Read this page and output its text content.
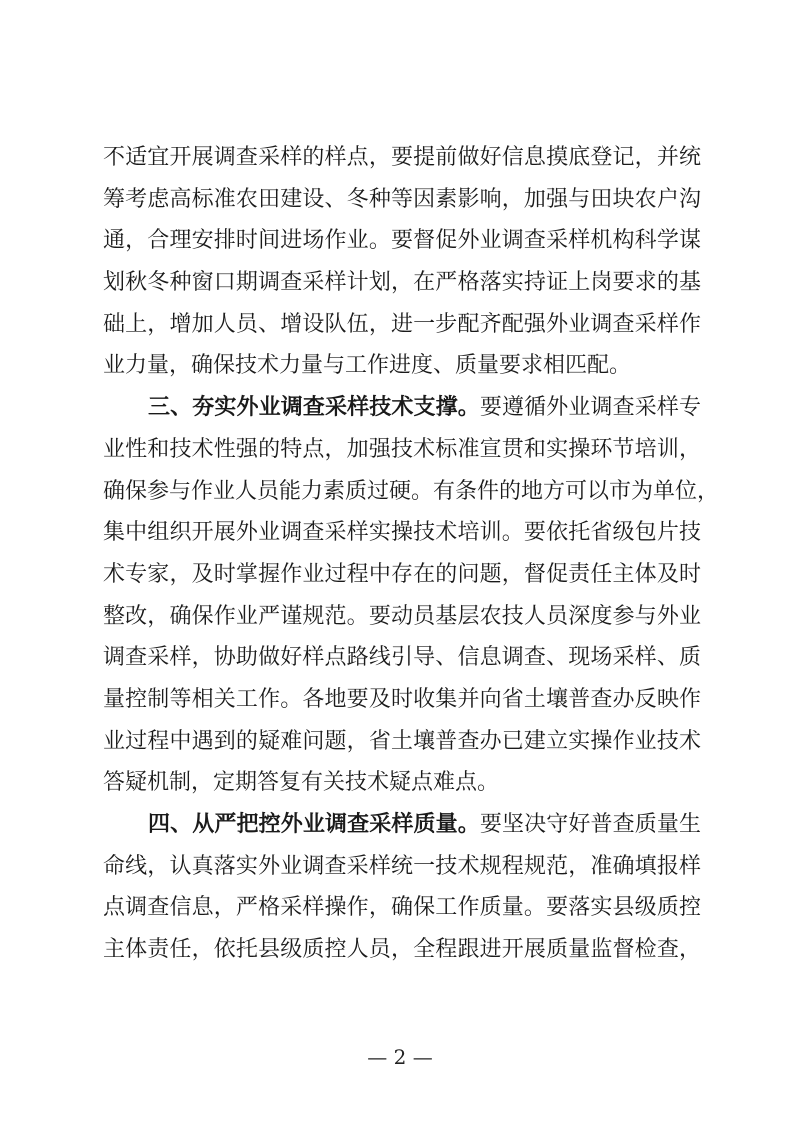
不适宜开展调查采样的样点，要提前做好信息摸底登记，并统
筹考虑高标准农田建设、冬种等因素影响，加强与田块农户沟
通，合理安排时间进场作业。要督促外业调查采样机构科学谋
划秋冬种窗口期调查采样计划，在严格落实持证上岗要求的基
础上，增加人员、增设队伍，进一步配齐配强外业调查采样作
业力量，确保技术力量与工作进度、质量要求相匹配。
三、夯实外业调查采样技术支撑。要遵循外业调查采样专
业性和技术性强的特点，加强技术标准宣贯和实操环节培训，
确保参与作业人员能力素质过硬。有条件的地方可以市为单位，
集中组织开展外业调查采样实操技术培训。要依托省级包片技
术专家，及时掌握作业过程中存在的问题，督促责任主体及时
整改，确保作业严谨规范。要动员基层农技人员深度参与外业
调查采样，协助做好样点路线引导、信息调查、现场采样、质
量控制等相关工作。各地要及时收集并向省土壤普查办反映作
业过程中遇到的疑难问题，省土壤普查办已建立实操作业技术
答疑机制，定期答复有关技术疑点难点。
四、从严把控外业调查采样质量。要坚决守好普查质量生
命线，认真落实外业调查采样统一技术规程规范，准确填报样
点调查信息，严格采样操作，确保工作质量。要落实县级质控
主体责任，依托县级质控人员，全程跟进开展质量监督检查，
— 2 —
